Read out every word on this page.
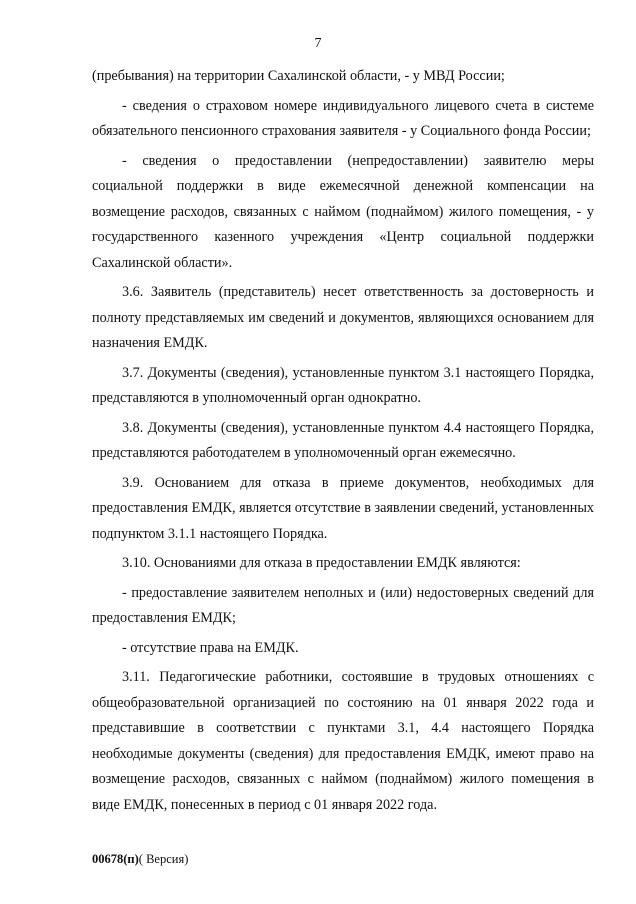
7

(пребывания) на территории Сахалинской области, - у МВД России;

- сведения о страховом номере индивидуального лицевого счета в системе обязательного пенсионного страхования заявителя - у Социального фонда России;

- сведения о предоставлении (непредоставлении) заявителю меры социальной поддержки в виде ежемесячной денежной компенсации на возмещение расходов, связанных с наймом (поднаймом) жилого помещения, - у государственного казенного учреждения «Центр социальной поддержки Сахалинской области».

3.6. Заявитель (представитель) несет ответственность за достоверность и полноту представляемых им сведений и документов, являющихся основанием для назначения ЕМДК.

3.7. Документы (сведения), установленные пунктом 3.1 настоящего Порядка, представляются в уполномоченный орган однократно.

3.8. Документы (сведения), установленные пунктом 4.4 настоящего Порядка, представляются работодателем в уполномоченный орган ежемесячно.

3.9. Основанием для отказа в приеме документов, необходимых для предоставления ЕМДК, является отсутствие в заявлении сведений, установленных подпунктом 3.1.1 настоящего Порядка.

3.10. Основаниями для отказа в предоставлении ЕМДК являются:

- предоставление заявителем неполных и (или) недостоверных сведений для предоставления ЕМДК;

- отсутствие права на ЕМДК.

3.11. Педагогические работники, состоявшие в трудовых отношениях с общеобразовательной организацией по состоянию на 01 января 2022 года и представившие в соответствии с пунктами 3.1, 4.4 настоящего Порядка необходимые документы (сведения) для предоставления ЕМДК, имеют право на возмещение расходов, связанных с наймом (поднаймом) жилого помещения в виде ЕМДК, понесенных в период с 01 января 2022 года.

00678(п)( Версия)
